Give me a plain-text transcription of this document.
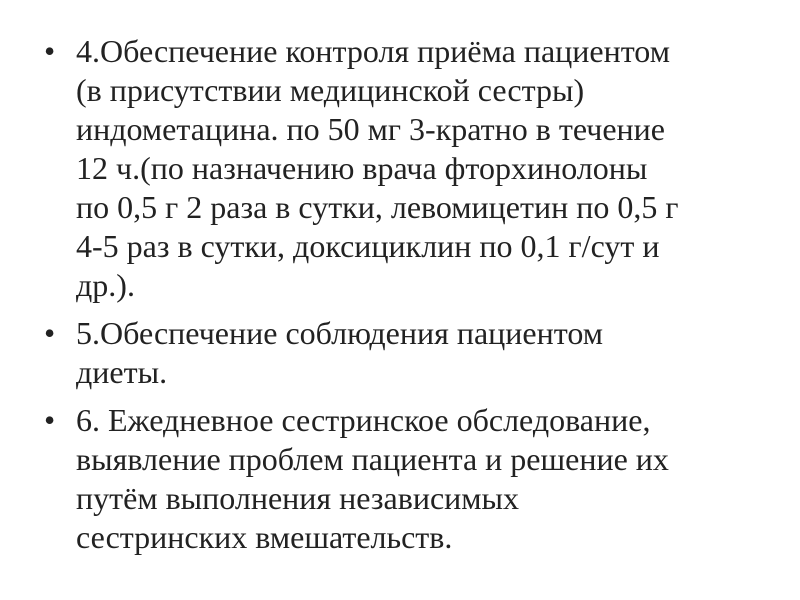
• 4.Обеспечение контроля приёма пациентом
(в присутствии медицинской сестры)
индометацина. по 50 мг 3-кратно в течение
12 ч.(по назначению врача фторхинолоны
по 0,5 г 2 раза в сутки, левомицетин по 0,5 г
4-5 раз в сутки, доксициклин по 0,1 г/сут и
др.).
• 5.Обеспечение соблюдения пациентом
диеты.
• 6. Ежедневное сестринское обследование,
выявление проблем пациента и решение их
путём выполнения независимых
сестринских вмешательств.
